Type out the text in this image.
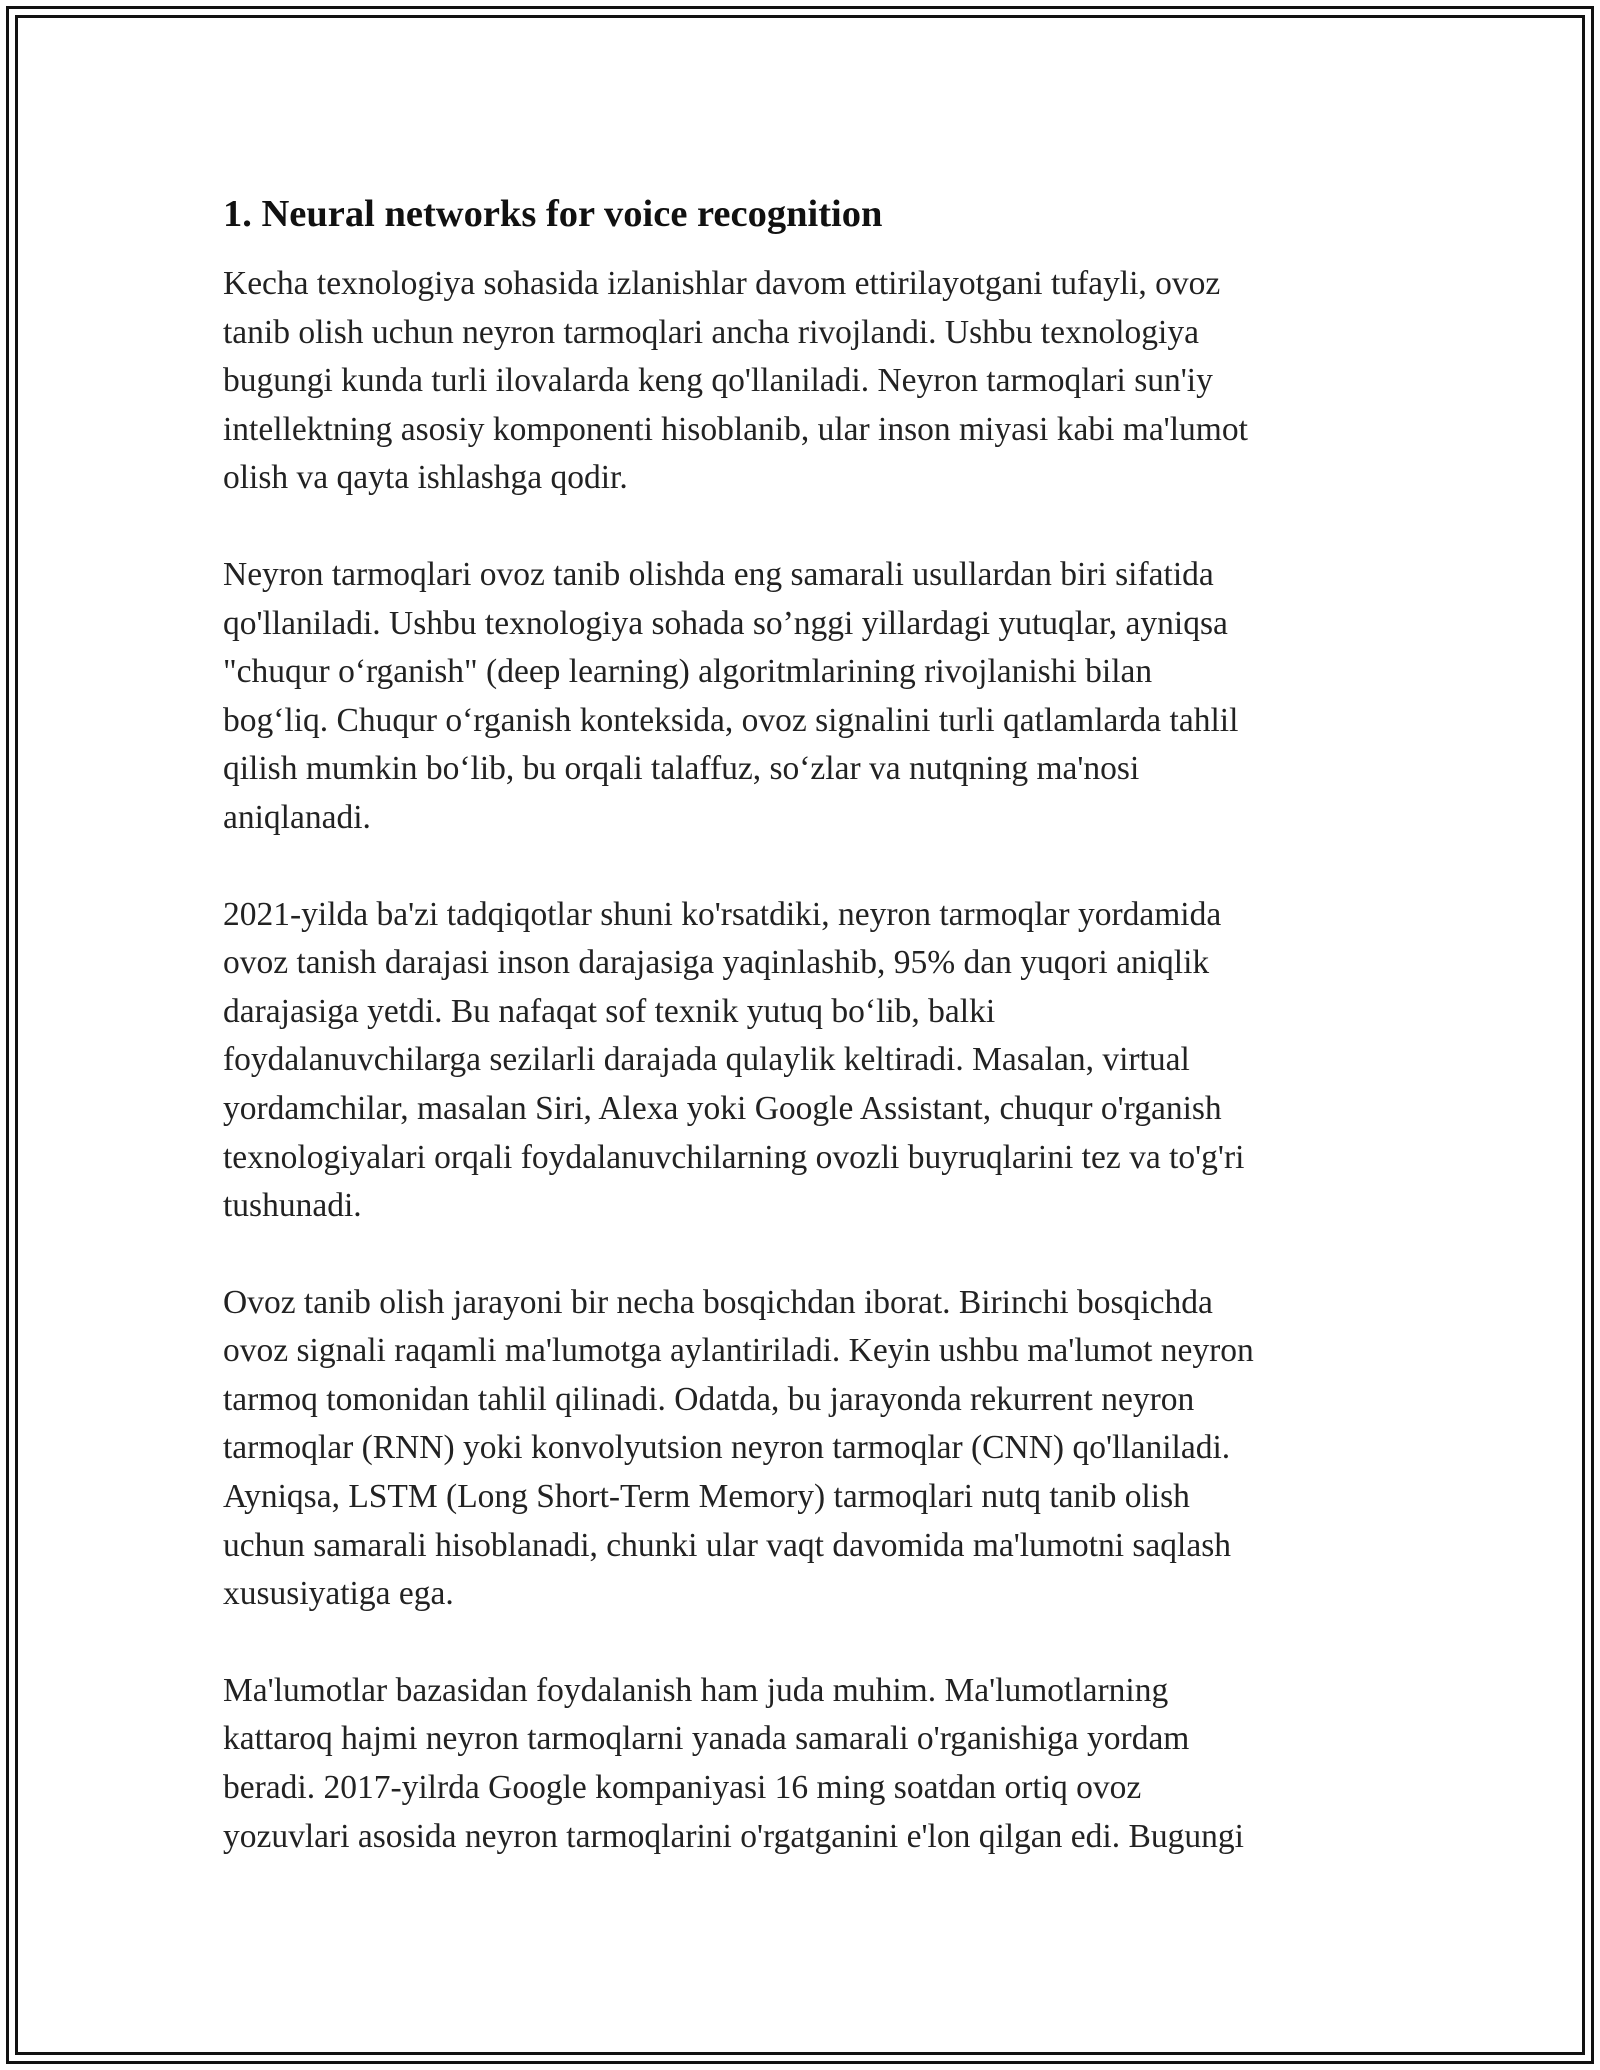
1. Neural networks for voice recognition

Kecha texnologiya sohasida izlanishlar davom ettirilayotgani tufayli, ovoz
tanib olish uchun neyron tarmoqlari ancha rivojlandi. Ushbu texnologiya
bugungi kunda turli ilovalarda keng qo'llaniladi. Neyron tarmoqlari sun'iy
intellektning asosiy komponenti hisoblanib, ular inson miyasi kabi ma'lumot
olish va qayta ishlashga qodir.

Neyron tarmoqlari ovoz tanib olishda eng samarali usullardan biri sifatida
qo'llaniladi. Ushbu texnologiya sohada so’nggi yillardagi yutuqlar, ayniqsa
"chuqur o‘rganish" (deep learning) algoritmlarining rivojlanishi bilan
bog‘liq. Chuqur o‘rganish konteksida, ovoz signalini turli qatlamlarda tahlil
qilish mumkin bo‘lib, bu orqali talaffuz, so‘zlar va nutqning ma'nosi
aniqlanadi.

2021-yilda ba'zi tadqiqotlar shuni ko'rsatdiki, neyron tarmoqlar yordamida
ovoz tanish darajasi inson darajasiga yaqinlashib, 95% dan yuqori aniqlik
darajasiga yetdi. Bu nafaqat sof texnik yutuq bo‘lib, balki
foydalanuvchilarga sezilarli darajada qulaylik keltiradi. Masalan, virtual
yordamchilar, masalan Siri, Alexa yoki Google Assistant, chuqur o'rganish
texnologiyalari orqali foydalanuvchilarning ovozli buyruqlarini tez va to'g'ri
tushunadi.

Ovoz tanib olish jarayoni bir necha bosqichdan iborat. Birinchi bosqichda
ovoz signali raqamli ma'lumotga aylantiriladi. Keyin ushbu ma'lumot neyron
tarmoq tomonidan tahlil qilinadi. Odatda, bu jarayonda rekurrent neyron
tarmoqlar (RNN) yoki konvolyutsion neyron tarmoqlar (CNN) qo'llaniladi.
Ayniqsa, LSTM (Long Short-Term Memory) tarmoqlari nutq tanib olish
uchun samarali hisoblanadi, chunki ular vaqt davomida ma'lumotni saqlash
xususiyatiga ega.

Ma'lumotlar bazasidan foydalanish ham juda muhim. Ma'lumotlarning
kattaroq hajmi neyron tarmoqlarni yanada samarali o'rganishiga yordam
beradi. 2017-yilrda Google kompaniyasi 16 ming soatdan ortiq ovoz
yozuvlari asosida neyron tarmoqlarini o'rgatganini e'lon qilgan edi. Bugungi
